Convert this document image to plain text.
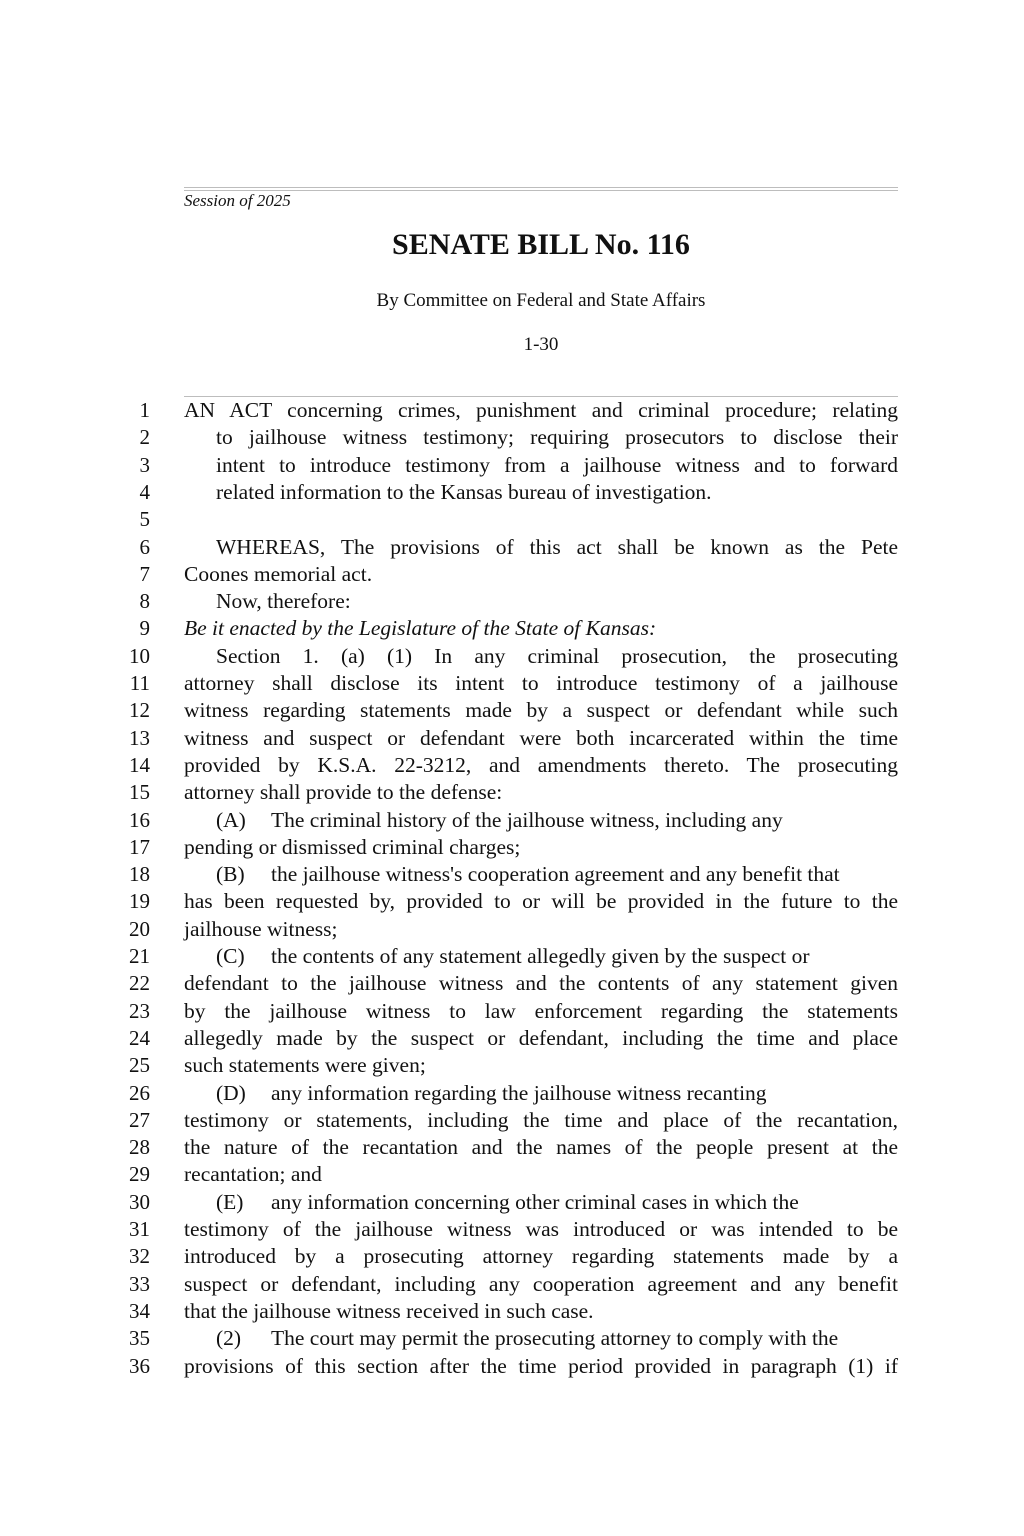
Session of 2025
SENATE BILL No. 116
By Committee on Federal and State Affairs
1-30
1 AN ACT concerning crimes, punishment and criminal procedure; relating
2	to jailhouse witness testimony; requiring prosecutors to disclose their
3	intent to introduce testimony from a jailhouse witness and to forward
4	related information to the Kansas bureau of investigation.
5
6	WHEREAS, The provisions of this act shall be known as the Pete
7 Coones memorial act.
8	Now, therefore:
9 Be it enacted by the Legislature of the State of Kansas:
10	Section 1. (a) (1) In any criminal prosecution, the prosecuting
11 attorney shall disclose its intent to introduce testimony of a jailhouse
12 witness regarding statements made by a suspect or defendant while such
13 witness and suspect or defendant were both incarcerated within the time
14 provided by K.S.A. 22-3212, and amendments thereto. The prosecuting
15 attorney shall provide to the defense:
16	(A) The criminal history of the jailhouse witness, including any
17 pending or dismissed criminal charges;
18	(B) the jailhouse witness's cooperation agreement and any benefit that
19 has been requested by, provided to or will be provided in the future to the
20 jailhouse witness;
21	(C) the contents of any statement allegedly given by the suspect or
22 defendant to the jailhouse witness and the contents of any statement given
23 by the jailhouse witness to law enforcement regarding the statements
24 allegedly made by the suspect or defendant, including the time and place
25 such statements were given;
26	(D) any information regarding the jailhouse witness recanting
27 testimony or statements, including the time and place of the recantation,
28 the nature of the recantation and the names of the people present at the
29 recantation; and
30	(E) any information concerning other criminal cases in which the
31 testimony of the jailhouse witness was introduced or was intended to be
32 introduced by a prosecuting attorney regarding statements made by a
33 suspect or defendant, including any cooperation agreement and any benefit
34 that the jailhouse witness received in such case.
35	(2) The court may permit the prosecuting attorney to comply with the
36 provisions of this section after the time period provided in paragraph (1) if
